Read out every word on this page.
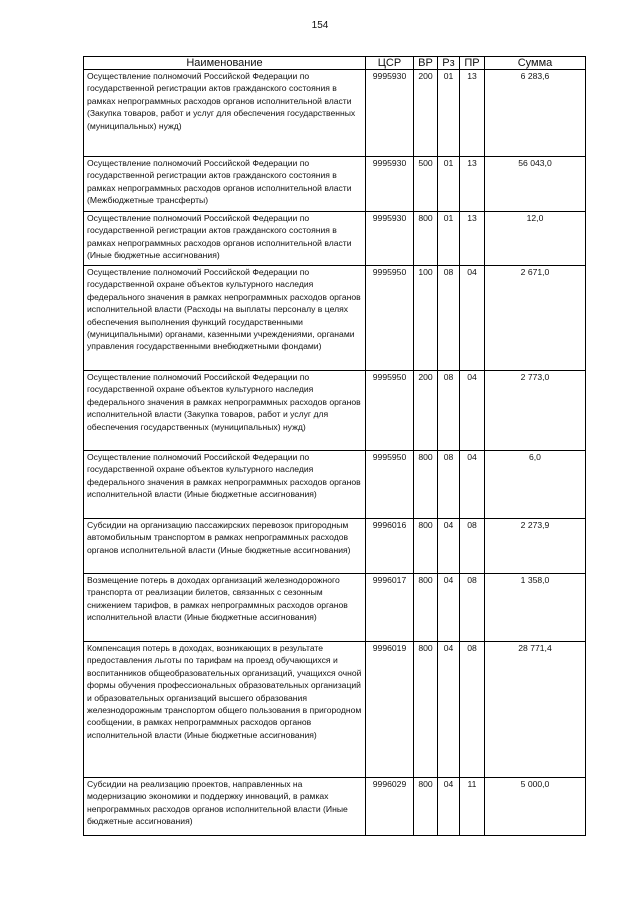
154
Наименование	ЦСР	ВР	Рз	ПР	Сумма
Осуществление полномочий Российской Федерации по государственной регистрации актов гражданского состояния в рамках непрограммных расходов органов исполнительной власти (Закупка товаров, работ и услуг для обеспечения государственных (муниципальных) нужд)	9995930	200	01	13	6 283,6
Осуществление полномочий Российской Федерации по государственной регистрации актов гражданского состояния в рамках непрограммных расходов органов исполнительной власти (Межбюджетные трансферты)	9995930	500	01	13	56 043,0
Осуществление полномочий Российской Федерации по государственной регистрации актов гражданского состояния в рамках непрограммных расходов органов исполнительной власти (Иные бюджетные ассигнования)	9995930	800	01	13	12,0
Осуществление полномочий Российской Федерации по государственной охране объектов культурного наследия федерального значения в рамках непрограммных расходов органов исполнительной власти (Расходы на выплаты персоналу в целях обеспечения выполнения функций государственными (муниципальными) органами, казенными учреждениями, органами управления государственными внебюджетными фондами)	9995950	100	08	04	2 671,0
Осуществление полномочий Российской Федерации по государственной охране объектов культурного наследия федерального значения в рамках непрограммных расходов органов исполнительной власти (Закупка товаров, работ и услуг для обеспечения государственных (муниципальных) нужд)	9995950	200	08	04	2 773,0
Осуществление полномочий Российской Федерации по государственной охране объектов культурного наследия федерального значения в рамках непрограммных расходов органов исполнительной власти (Иные бюджетные ассигнования)	9995950	800	08	04	6,0
Субсидии на организацию пассажирских перевозок пригородным автомобильным транспортом в рамках непрограммных расходов органов исполнительной власти (Иные бюджетные ассигнования)	9996016	800	04	08	2 273,9
Возмещение потерь в доходах организаций железнодорожного транспорта от реализации билетов, связанных с сезонным снижением тарифов, в рамках непрограммных расходов органов исполнительной власти (Иные бюджетные ассигнования)	9996017	800	04	08	1 358,0
Компенсация потерь в доходах, возникающих в результате предоставления льготы по тарифам на проезд обучающихся и воспитанников общеобразовательных организаций, учащихся очной формы обучения профессиональных образовательных организаций и образовательных организаций высшего образования железнодорожным транспортом общего пользования в пригородном сообщении, в рамках непрограммных расходов органов исполнительной власти (Иные бюджетные ассигнования)	9996019	800	04	08	28 771,4
Субсидии на реализацию проектов, направленных на модернизацию экономики и поддержку инноваций, в рамках непрограммных расходов органов исполнительной власти (Иные бюджетные ассигнования)	9996029	800	04	11	5 000,0
